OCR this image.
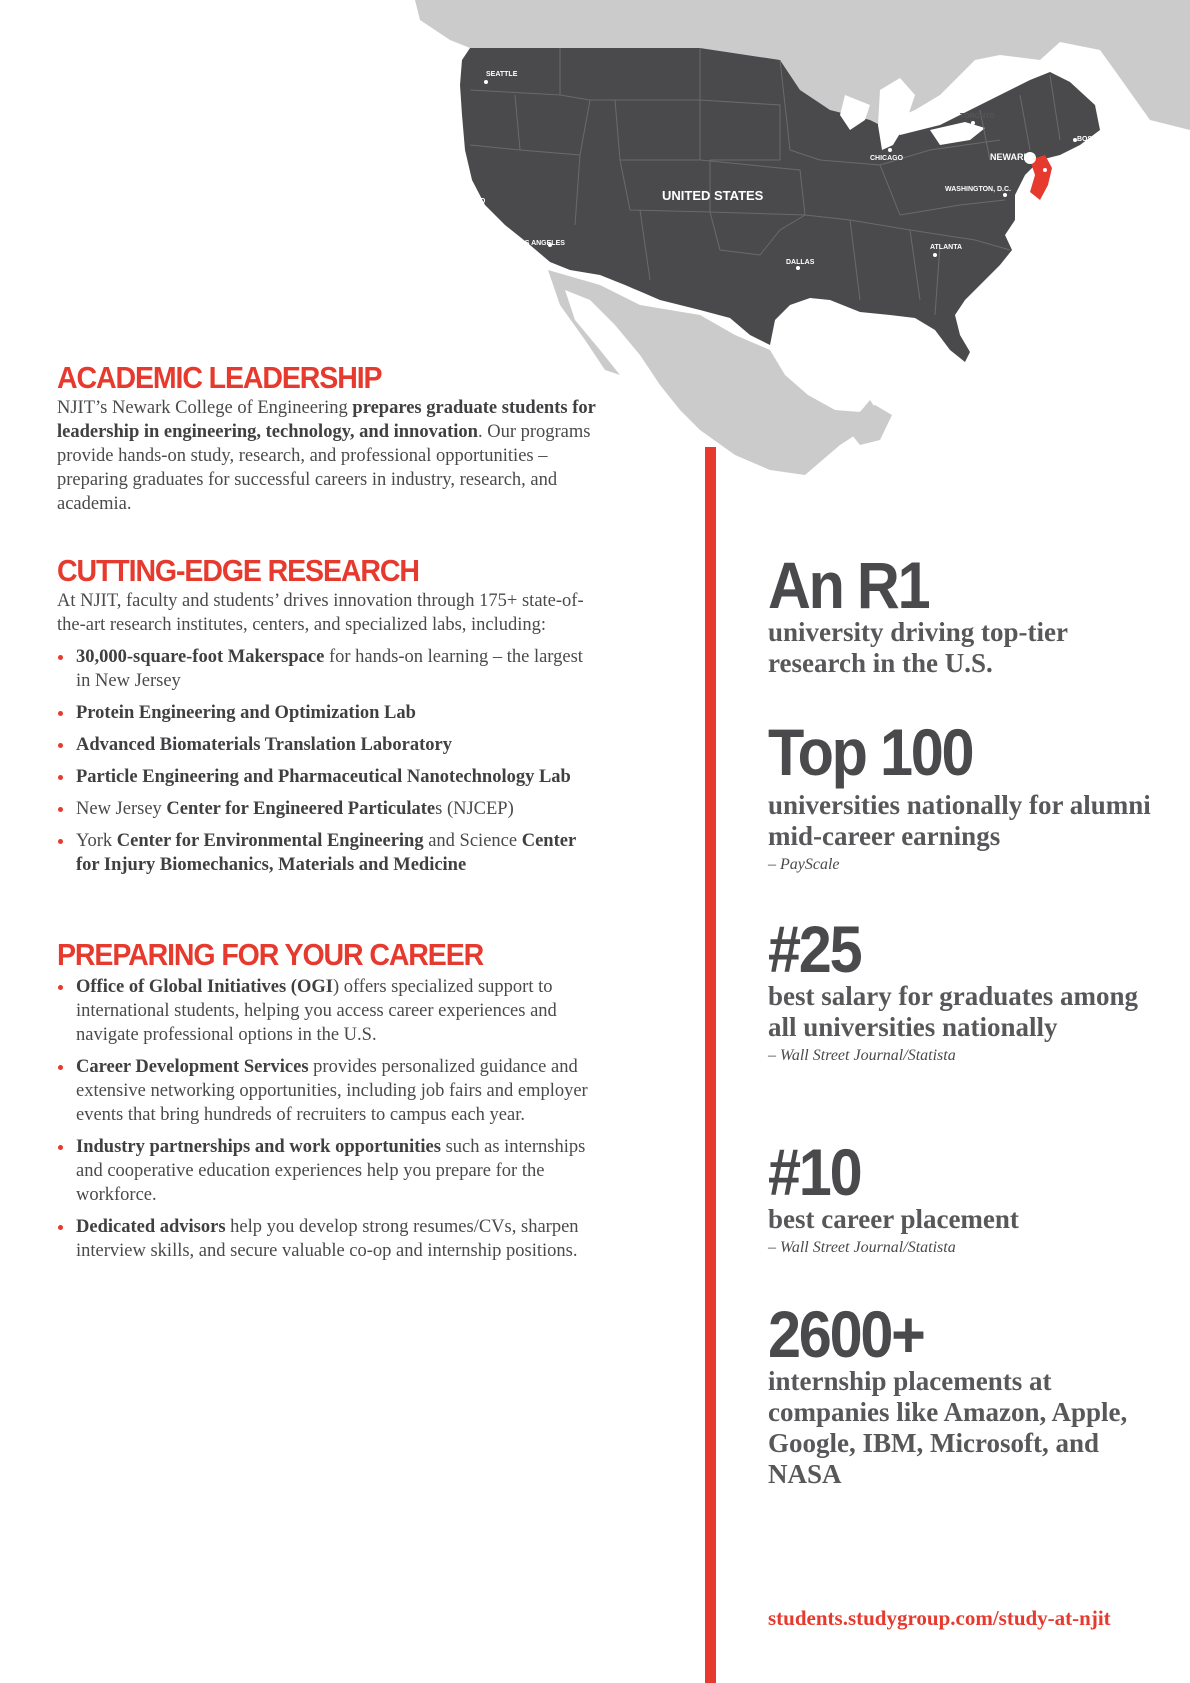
UNITED STATES
SEATTLE
SAN FRANCISCO
LOS ANGELES
DALLAS
CHICAGO
TORONTO
BOSTON
NEWARK	NEW YORK
WASHINGTON, D.C.
ATLANTA
ACADEMIC LEADERSHIP

NJIT’s Newark College of Engineering prepares graduate students for leadership in engineering, technology, and innovation. Our programs provide hands-on study, research, and professional opportunities – preparing graduates for successful careers in industry, research, and academia.

CUTTING-EDGE RESEARCH

At NJIT, faculty and students’ drives innovation through 175+ state-of-the-art research institutes, centers, and specialized labs, including:

30,000-square-foot Makerspace for hands-on learning – the largest in New Jersey
Protein Engineering and Optimization Lab
Advanced Biomaterials Translation Laboratory
Particle Engineering and Pharmaceutical Nanotechnology Lab
New Jersey Center for Engineered Particulates (NJCEP)
York Center for Environmental Engineering and Science Center for Injury Biomechanics, Materials and Medicine
PREPARING FOR YOUR CAREER
Office of Global Initiatives (OGI) offers specialized support to international students, helping you access career experiences and navigate professional options in the U.S.
Career Development Services provides personalized guidance and extensive networking opportunities, including job fairs and employer events that bring hundreds of recruiters to campus each year.
Industry partnerships and work opportunities such as internships and cooperative education experiences help you prepare for the workforce.
Dedicated advisors help you develop strong resumes/CVs, sharpen interview skills, and secure valuable co-op and internship positions.
An R1
university driving top-tier research in the U.S.
Top 100
universities nationally for alumni mid-career earnings
– PayScale
#25
best salary for graduates among all universities nationally
– Wall Street Journal/Statista
#10
best career placement
– Wall Street Journal/Statista
2600+
internship placements at companies like Amazon, Apple, Google, IBM, Microsoft, and NASA
students.studygroup.com/study-at-njit
